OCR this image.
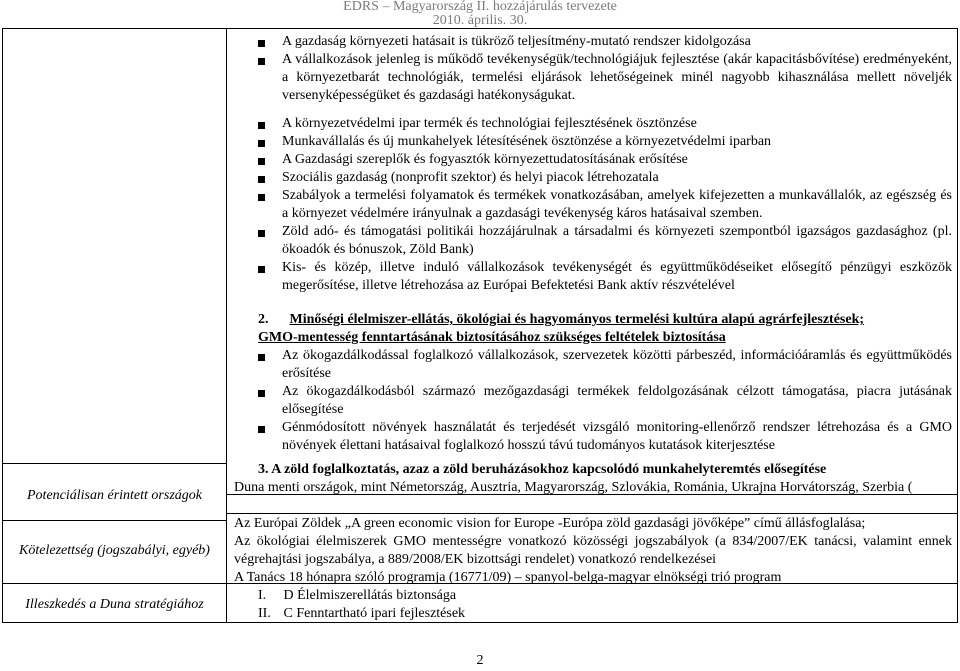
EDRS – Magyarország II. hozzájárulás tervezete
2010. április. 30.
A gazdaság környezeti hatásait is tükröző teljesítmény-mutató rendszer kidolgozása
A vállalkozások jelenleg is működő tevékenységük/technológiájuk fejlesztése (akár kapacitásbővítése) eredményeként, a környezetbarát technológiák, termelési eljárások lehetőségeinek minél nagyobb kihasználása mellett növeljék versenyképességüket és gazdasági hatékonyságukat.
A környezetvédelmi ipar termék és technológiai fejlesztésének ösztönzése
Munkavállalás és új munkahelyek létesítésének ösztönzése a környezetvédelmi iparban
A Gazdasági szereplők és fogyasztók környezettudatosításának erősítése
Szociális gazdaság (nonprofit szektor) és helyi piacok létrehozatala
Szabályok a termelési folyamatok és termékek vonatkozásában, amelyek kifejezetten a munkavállalók, az egészség és a környezet védelmére irányulnak a gazdasági tevékenység káros hatásaival szemben.
Zöld adó- és támogatási politikái hozzájárulnak a társadalmi és környezeti szempontból igazságos gazdasághoz (pl. ökoadók és bónuszok, Zöld Bank)
Kis- és közép, illetve induló vállalkozások tevékenységét és együttműködéseiket elősegítő pénzügyi eszközök megerősítése, illetve létrehozása az Európai Befektetési Bank aktív részvételével
2. Minőségi élelmiszer-ellátás, ökológiai és hagyományos termelési kultúra alapú agrárfejlesztések;
GMO-mentesség fenntartásának biztosításához szükséges feltételek biztosítása
Az ökogazdálkodással foglalkozó vállalkozások, szervezetek közötti párbeszéd, információáramlás és együttműködés erősítése
Az ökogazdálkodásból származó mezőgazdasági termékek feldolgozásának célzott támogatása, piacra jutásának elősegítése
Génmódosított növények használatát és terjedését vizsgáló monitoring-ellenőrző rendszer létrehozása és a GMO növények élettani hatásaival foglalkozó hosszú távú tudományos kutatások kiterjesztése
3. A zöld foglalkoztatás, azaz a zöld beruházásokhoz kapcsolódó munkahelyteremtés elősegítése
Potenciálisan érintett országok
Kötelezettség (jogszabályi, egyéb)
Illeszkedés a Duna stratégiához
Duna menti országok, mint Németország, Ausztria, Magyarország, Szlovákia, Románia, Ukrajna Horvátország, Szerbia (
Az Európai Zöldek „A green economic vision for Europe -Európa zöld gazdasági jövőképe” című állásfoglalása;
Az ökológiai élelmiszerek GMO mentességre vonatkozó közösségi jogszabályok (a 834/2007/EK tanácsi, valamint ennek végrehajtási jogszabálya, a 889/2008/EK bizottsági rendelet) vonatkozó rendelkezései
A Tanács 18 hónapra szóló programja (16771/09) – spanyol-belga-magyar elnökségi trió program
I. D Élelmiszerellátás biztonsága
II. C Fenntartható ipari fejlesztések
2
